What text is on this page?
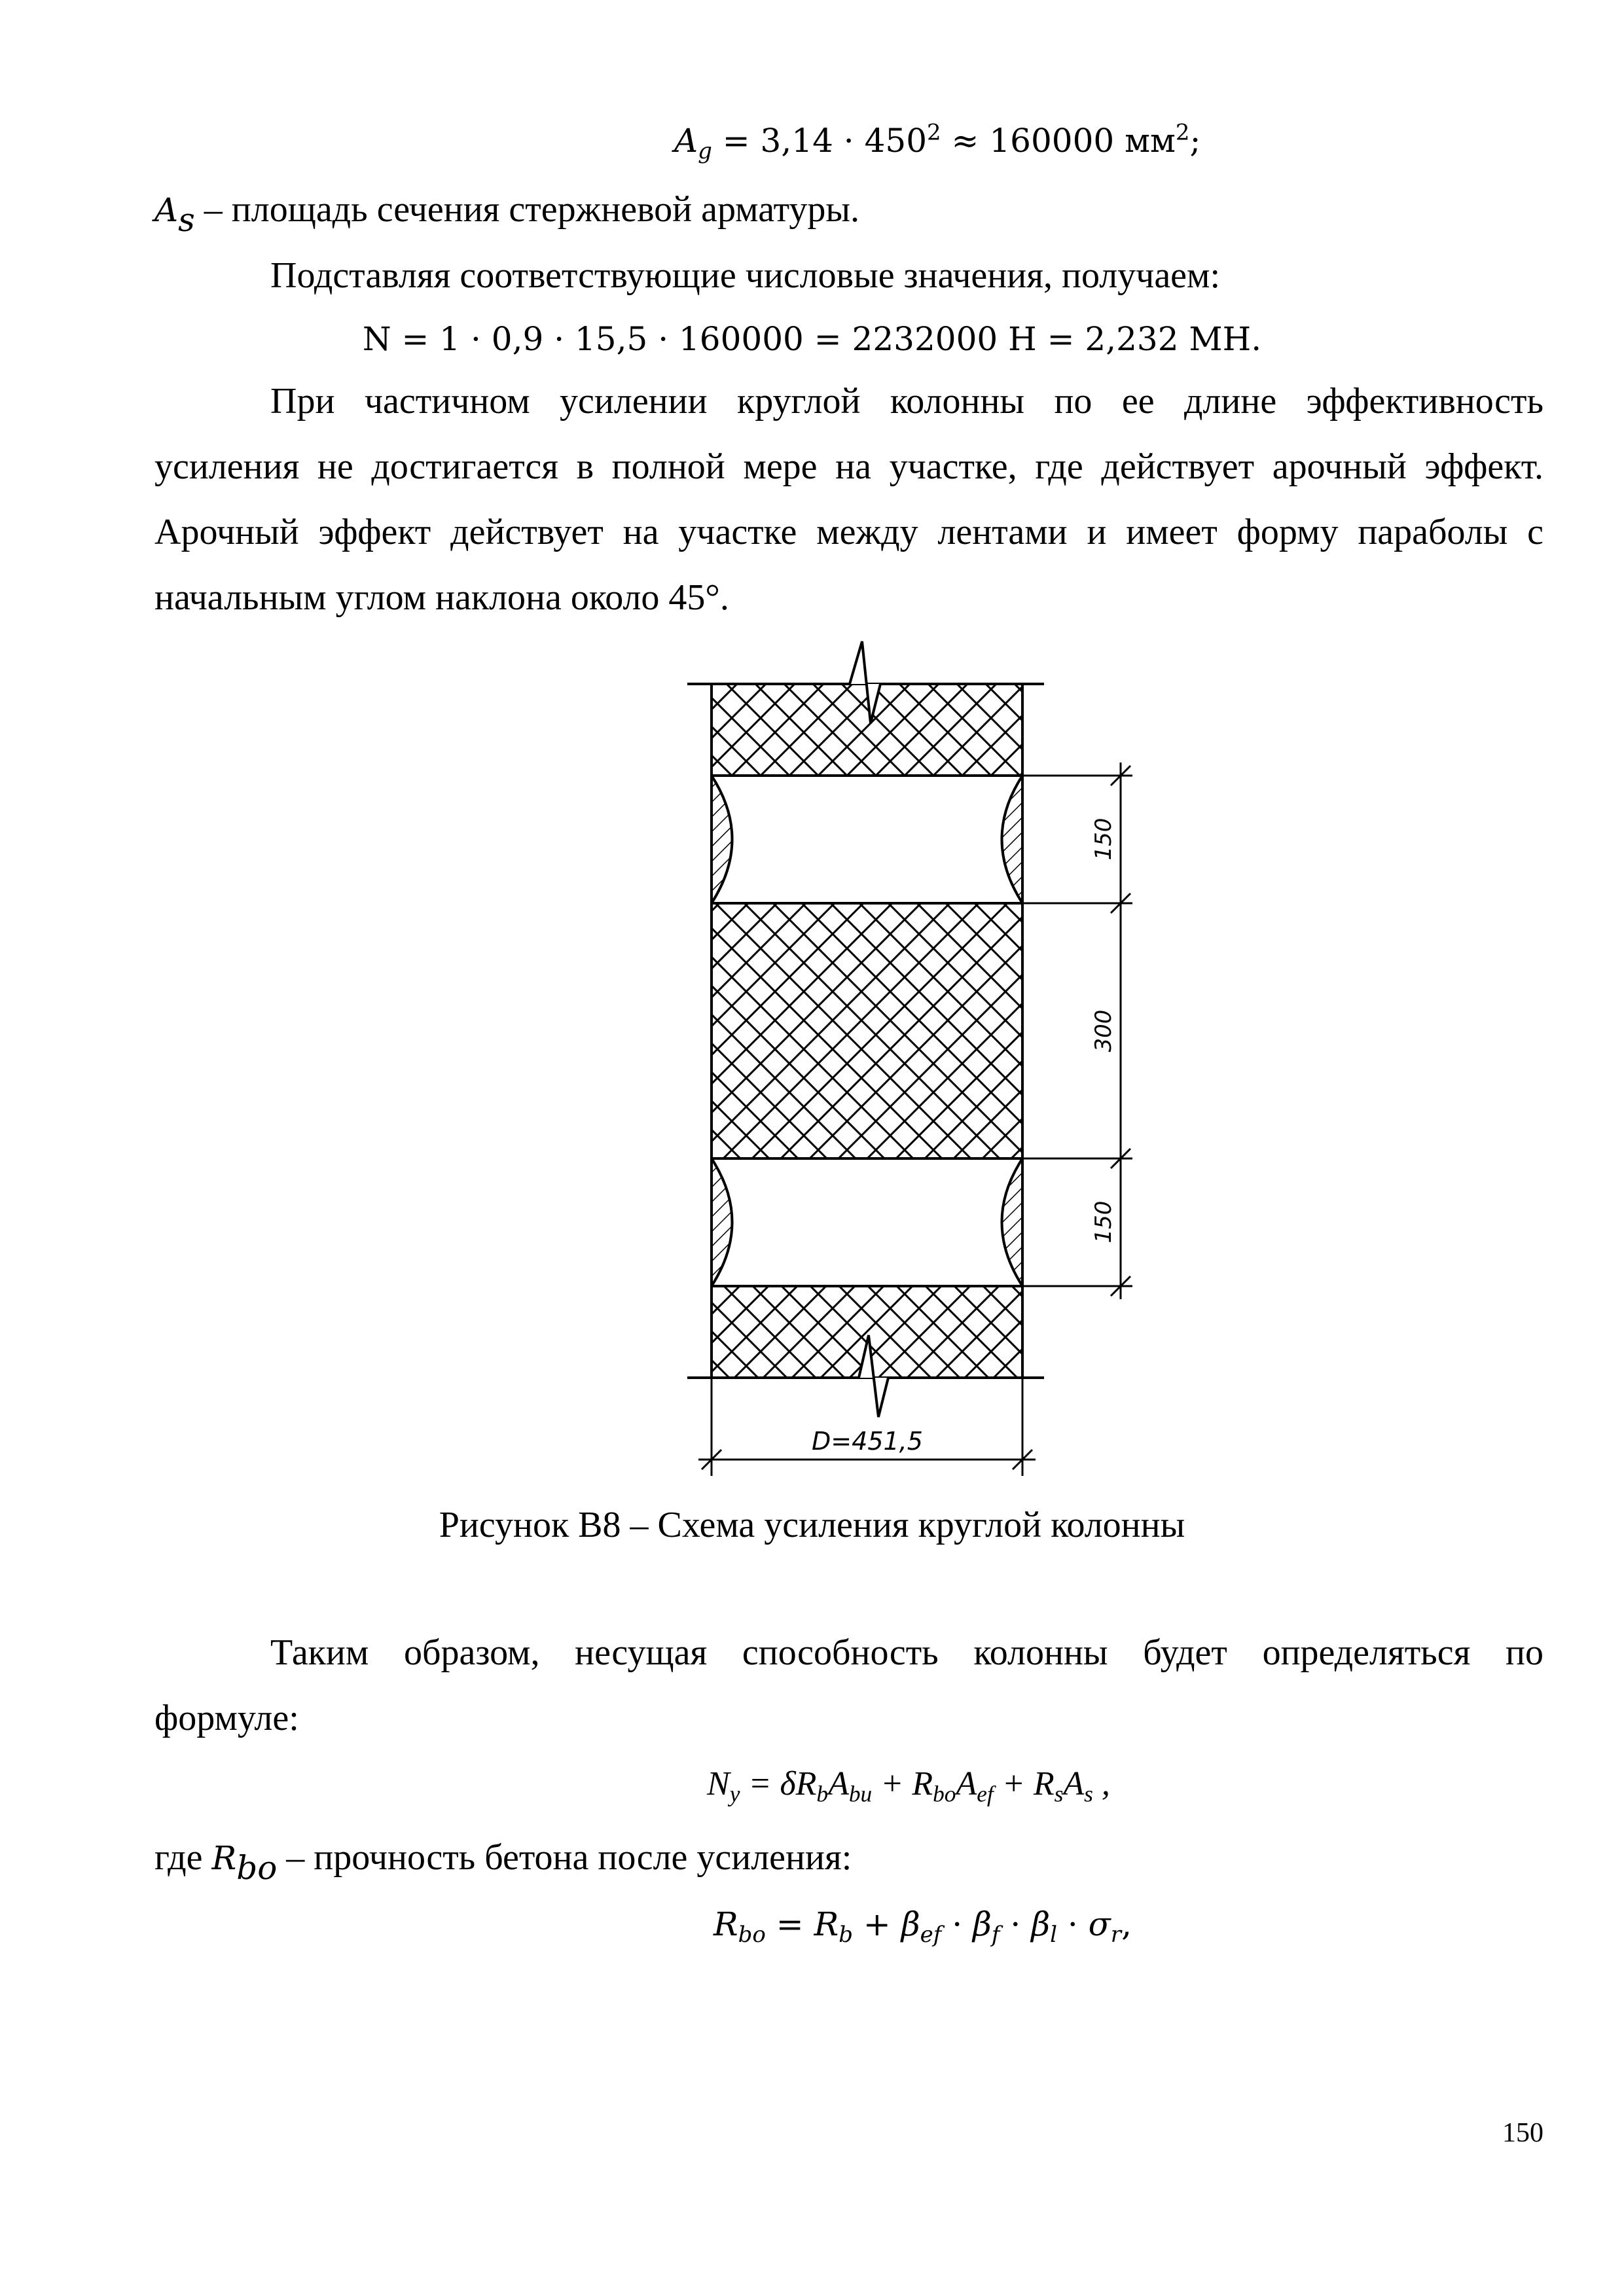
$A_g = 3,14 \cdot 450^2 \approx 160000$ $мм^2$;
$A_s$ – площадь сечения стержневой арматуры.
Подставляя соответствующие числовые значения, получаем:
N = 1 · 0,9 · 15,5 · 160000 = 2232000 Н = 2,232 МН.
При частичном усилении круглой колонны по ее длине эффективность
усиления не достигается в полной мере на участке, где действует арочный эффект.
Арочный эффект действует на участке между лентами и имеет форму параболы с
начальным углом наклона около 45°.
150
300
150
D=451,5
Рисунок В8 – Схема усиления круглой колонны
Таким образом, несущая способность колонны будет определяться по
формуле:
$N_y = \delta R_bA_{bu} + R_{bo}A_{ef} + R_sA_s$ ,
где $R_{bo}$ – прочность бетона после усиления:
$R_{bo} = R_b + \beta_{ef} \cdot \beta_f \cdot \beta_l \cdot \sigma_r$,
150
